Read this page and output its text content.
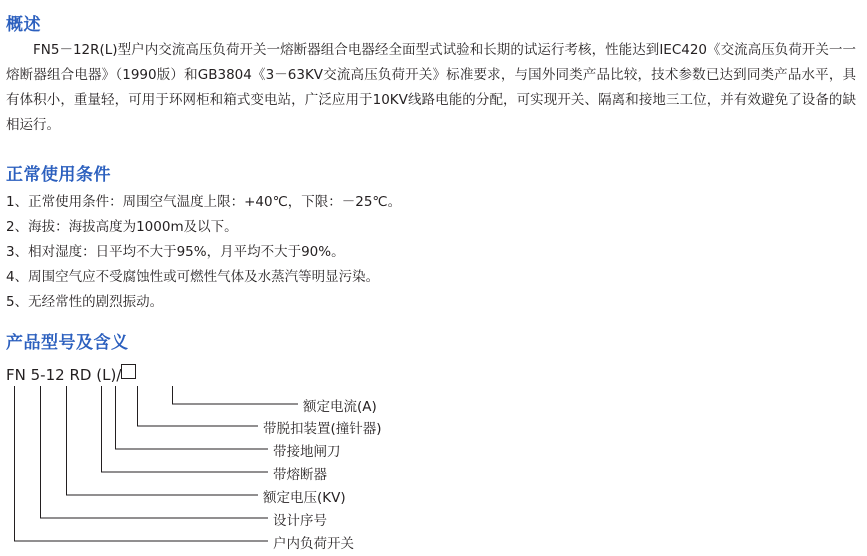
概述
FN5－12R(L)型户内交流高压负荷开关一熔断器组合电器经全面型式试验和长期的试运行考核，性能达到IEC420《交流高压负荷开关一一熔断器组合电器》（1990版）和GB3804《3－63KV交流高压负荷开关》标准要求，与国外同类产品比较，技术参数已达到同类产品水平，具有体积小，重量轻，可用于环网柜和箱式变电站，广泛应用于10KV线路电能的分配，可实现开关、隔离和接地三工位，并有效避免了设备的缺相运行。
正常使用条件
1、正常使用条件：周围空气温度上限：+40℃，下限：－25℃。
2、海拔：海拔高度为1000m及以下。
3、相对湿度：日平均不大于95%，月平均不大于90%。
4、周围空气应不受腐蚀性或可燃性气体及水蒸汽等明显污染。
5、无经常性的剧烈振动。
产品型号及含义
FN 5-12 RD (L)/
额定电流(A)
带脱扣装置(撞针器)
带接地闸刀
带熔断器
额定电压(KV)
设计序号
户内负荷开关
